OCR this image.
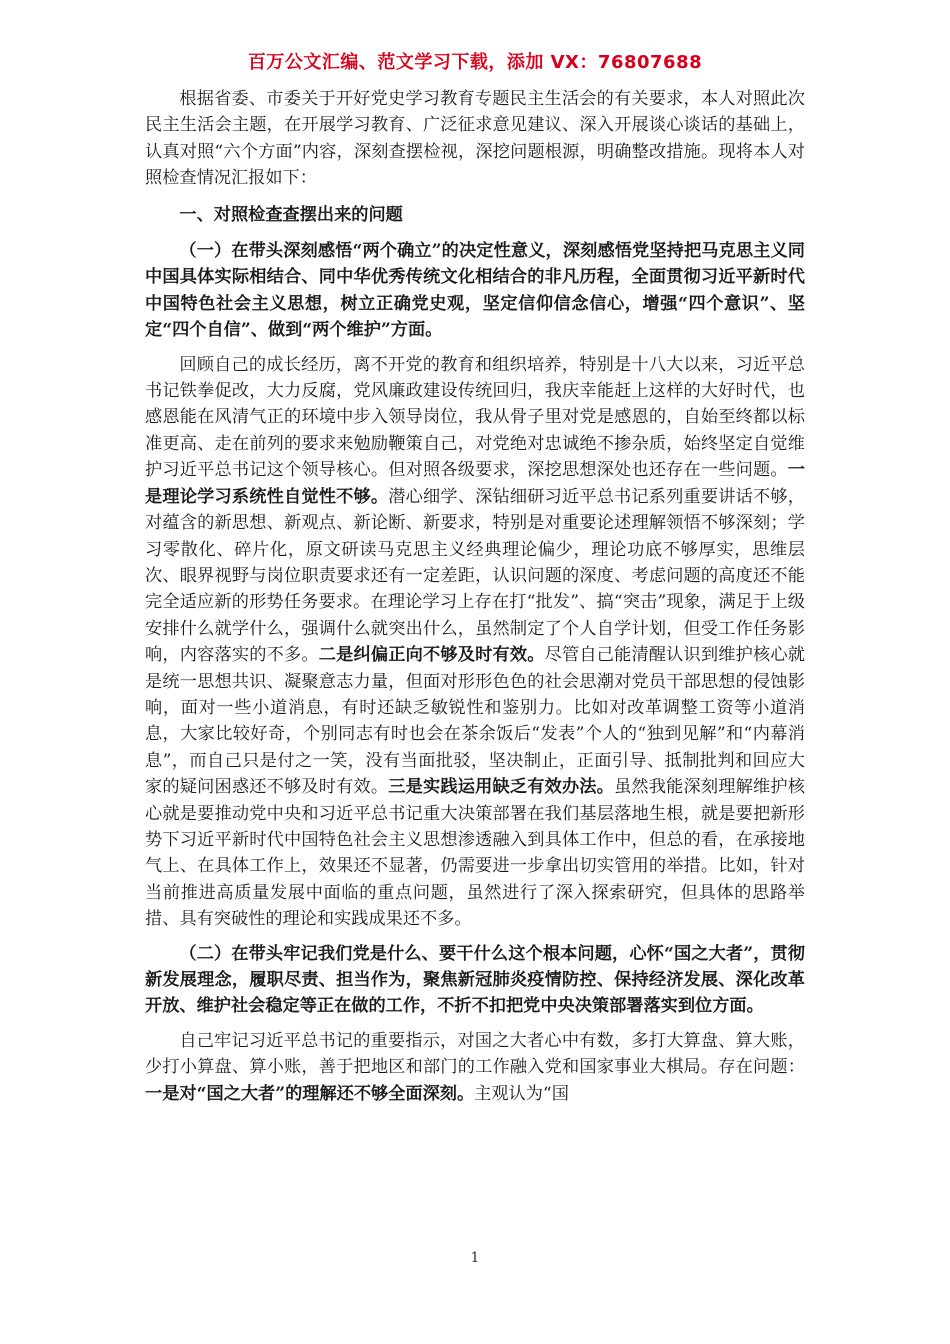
百万公文汇编、范文学习下载，添加 VX：76807688

根据省委、市委关于开好党史学习教育专题民主生活会的有关要求，本人对照此次民主生活会主题，在开展学习教育、广泛征求意见建议、深入开展谈心谈话的基础上，认真对照“六个方面”内容，深刻查摆检视，深挖问题根源，明确整改措施。现将本人对照检查情况汇报如下：

一、对照检查查摆出来的问题

（一）在带头深刻感悟“两个确立”的决定性意义，深刻感悟党坚持把马克思主义同中国具体实际相结合、同中华优秀传统文化相结合的非凡历程，全面贯彻习近平新时代中国特色社会主义思想，树立正确党史观，坚定信仰信念信心，增强“四个意识”、坚定“四个自信”、做到“两个维护”方面。

回顾自己的成长经历，离不开党的教育和组织培养，特别是十八大以来，习近平总书记铁拳促改，大力反腐，党风廉政建设传统回归，我庆幸能赶上这样的大好时代，也感恩能在风清气正的环境中步入领导岗位，我从骨子里对党是感恩的，自始至终都以标准更高、走在前列的要求来勉励鞭策自己，对党绝对忠诚绝不掺杂质，始终坚定自觉维护习近平总书记这个领导核心。但对照各级要求，深挖思想深处也还存在一些问题。一是理论学习系统性自觉性不够。潜心细学、深钻细研习近平总书记系列重要讲话不够，对蕴含的新思想、新观点、新论断、新要求，特别是对重要论述理解领悟不够深刻；学习零散化、碎片化，原文研读马克思主义经典理论偏少，理论功底不够厚实，思维层次、眼界视野与岗位职责要求还有一定差距，认识问题的深度、考虑问题的高度还不能完全适应新的形势任务要求。在理论学习上存在打“批发”、搞“突击”现象，满足于上级安排什么就学什么，强调什么就突出什么，虽然制定了个人自学计划，但受工作任务影响，内容落实的不多。二是纠偏正向不够及时有效。尽管自己能清醒认识到维护核心就是统一思想共识、凝聚意志力量，但面对形形色色的社会思潮对党员干部思想的侵蚀影响，面对一些小道消息，有时还缺乏敏锐性和鉴别力。比如对改革调整工资等小道消息，大家比较好奇，个别同志有时也会在茶余饭后“发表”个人的“独到见解”和“内幕消息”，而自己只是付之一笑，没有当面批驳，坚决制止，正面引导、抵制批判和回应大家的疑问困惑还不够及时有效。三是实践运用缺乏有效办法。虽然我能深刻理解维护核心就是要推动党中央和习近平总书记重大决策部署在我们基层落地生根，就是要把新形势下习近平新时代中国特色社会主义思想渗透融入到具体工作中，但总的看，在承接地气上、在具体工作上，效果还不显著，仍需要进一步拿出切实管用的举措。比如，针对当前推进高质量发展中面临的重点问题，虽然进行了深入探索研究，但具体的思路举措、具有突破性的理论和实践成果还不多。

（二）在带头牢记我们党是什么、要干什么这个根本问题，心怀“国之大者”，贯彻新发展理念，履职尽责、担当作为，聚焦新冠肺炎疫情防控、保持经济发展、深化改革开放、维护社会稳定等正在做的工作，不折不扣把党中央决策部署落实到位方面。

自己牢记习近平总书记的重要指示，对国之大者心中有数，多打大算盘、算大账，少打小算盘、算小账，善于把地区和部门的工作融入党和国家事业大棋局。存在问题：一是对“国之大者”的理解还不够全面深刻。主观认为“国

1
